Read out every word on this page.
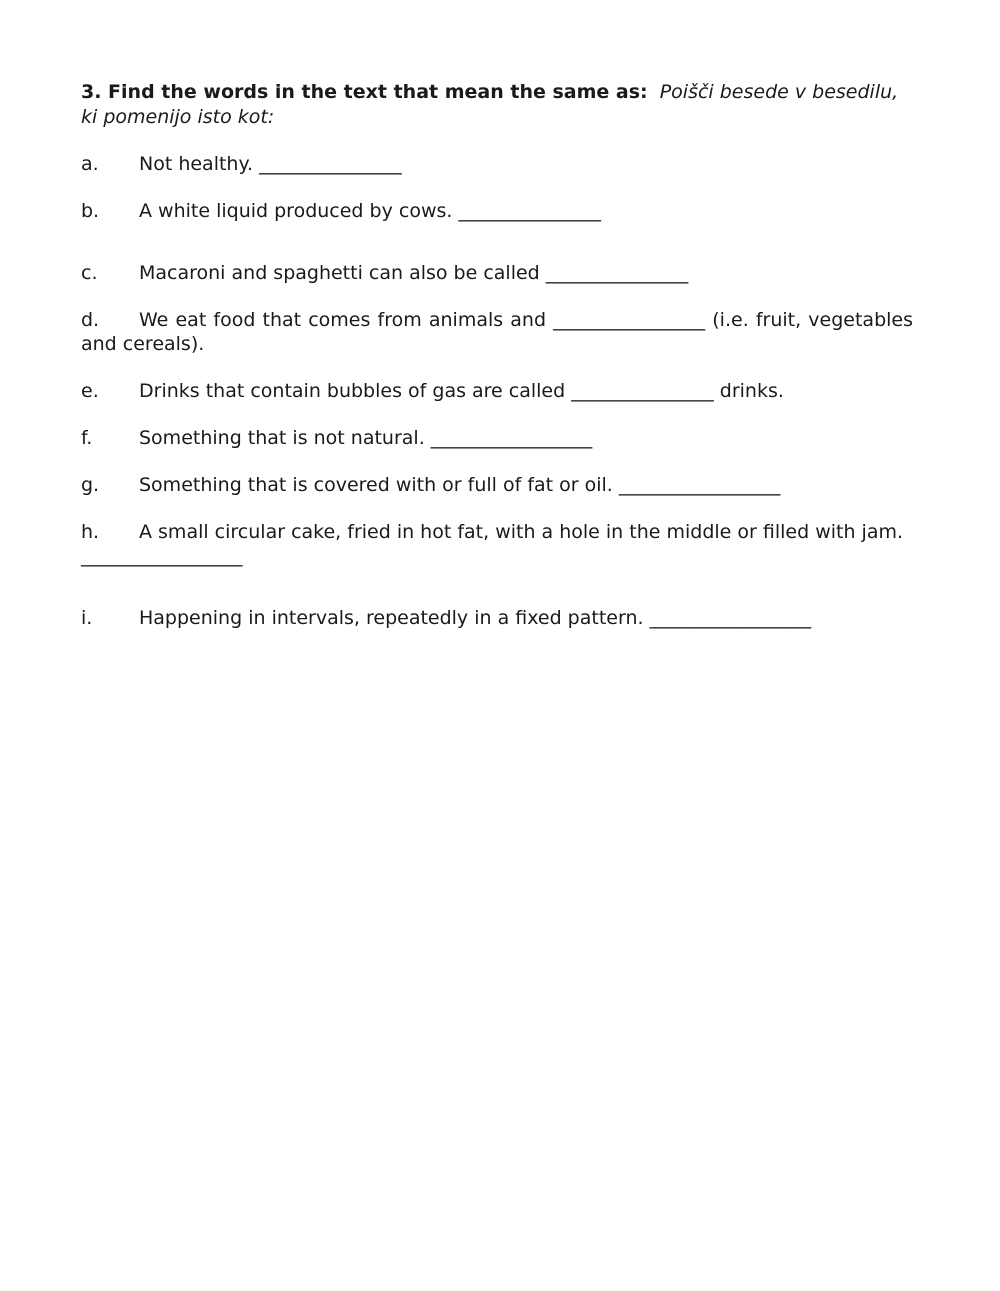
3. Find the words in the text that mean the same as: Poišči besede v besedilu, ki pomenijo isto kot:

a. Not healthy. _______________

b. A white liquid produced by cows. _______________

c. Macaroni and spaghetti can also be called _______________

d. We eat food that comes from animals and ________________ (i.e. fruit, vegetables and cereals).

e. Drinks that contain bubbles of gas are called _______________ drinks.

f. Something that is not natural. _________________

g. Something that is covered with or full of fat or oil. _________________

h. A small circular cake, fried in hot fat, with a hole in the middle or filled with jam. _________________

i. Happening in intervals, repeatedly in a fixed pattern. _________________
